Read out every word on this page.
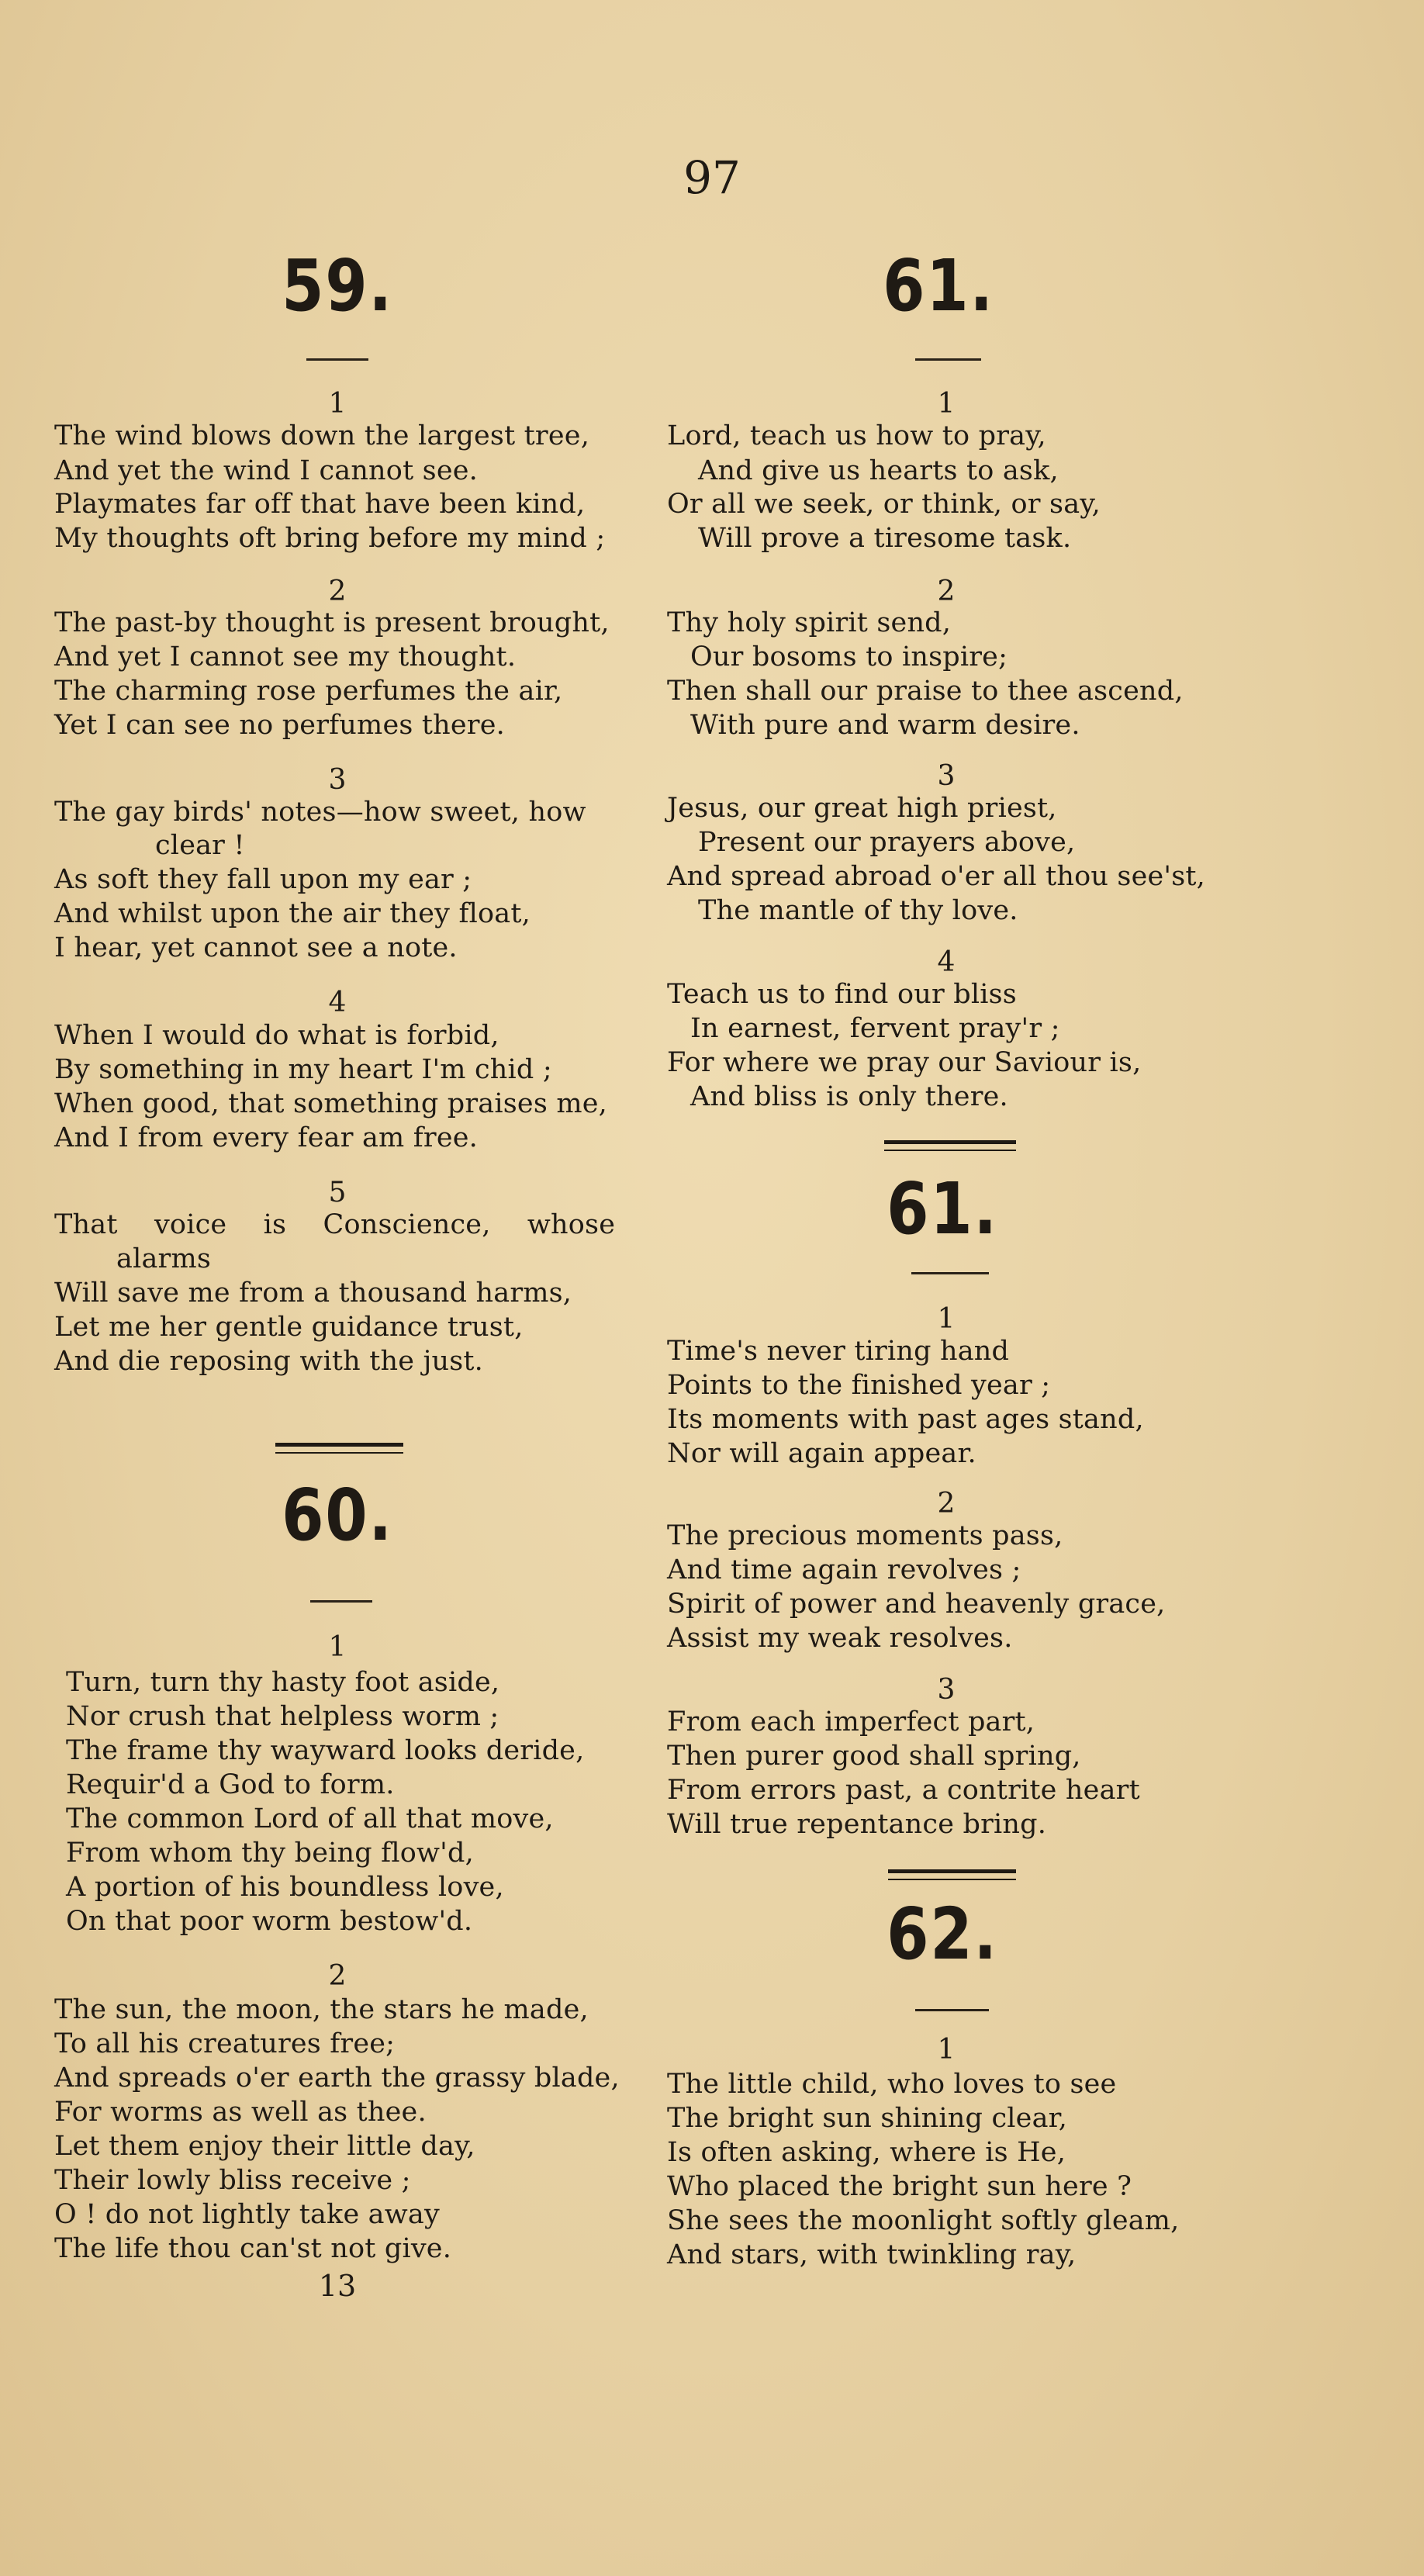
97
59.
1
The wind blows down the largest tree,
And yet the wind I cannot see.
Playmates far off that have been kind,
My thoughts oft bring before my mind ;
2
The past-by thought is present brought,
And yet I cannot see my thought.
The charming rose perfumes the air,
Yet I can see no perfumes there.
3
The gay birds' notes—how sweet, how
clear !
As soft they fall upon my ear ;
And whilst upon the air they float,
I hear, yet cannot see a note.
4
When I would do what is forbid,
By something in my heart I'm chid ;
When good, that something praises me,
And I from every fear am free.
5
That voice is Conscience, whose
alarms
Will save me from a thousand harms,
Let me her gentle guidance trust,
And die reposing with the just.
60.
1
Turn, turn thy hasty foot aside,
Nor crush that helpless worm ;
The frame thy wayward looks deride,
Requir'd a God to form.
The common Lord of all that move,
From whom thy being flow'd,
A portion of his boundless love,
On that poor worm bestow'd.
2
The sun, the moon, the stars he made,
To all his creatures free;
And spreads o'er earth the grassy blade,
For worms as well as thee.
Let them enjoy their little day,
Their lowly bliss receive ;
O ! do not lightly take away
The life thou can'st not give.
13
61.
1
Lord, teach us how to pray,
And give us hearts to ask,
Or all we seek, or think, or say,
Will prove a tiresome task.
2
Thy holy spirit send,
Our bosoms to inspire;
Then shall our praise to thee ascend,
With pure and warm desire.
3
Jesus, our great high priest,
Present our prayers above,
And spread abroad o'er all thou see'st,
The mantle of thy love.
4
Teach us to find our bliss
In earnest, fervent pray'r ;
For where we pray our Saviour is,
And bliss is only there.
61.
1
Time's never tiring hand
Points to the finished year ;
Its moments with past ages stand,
Nor will again appear.
2
The precious moments pass,
And time again revolves ;
Spirit of power and heavenly grace,
Assist my weak resolves.
3
From each imperfect part,
Then purer good shall spring,
From errors past, a contrite heart
Will true repentance bring.
62.
1
The little child, who loves to see
The bright sun shining clear,
Is often asking, where is He,
Who placed the bright sun here ?
She sees the moonlight softly gleam,
And stars, with twinkling ray,
